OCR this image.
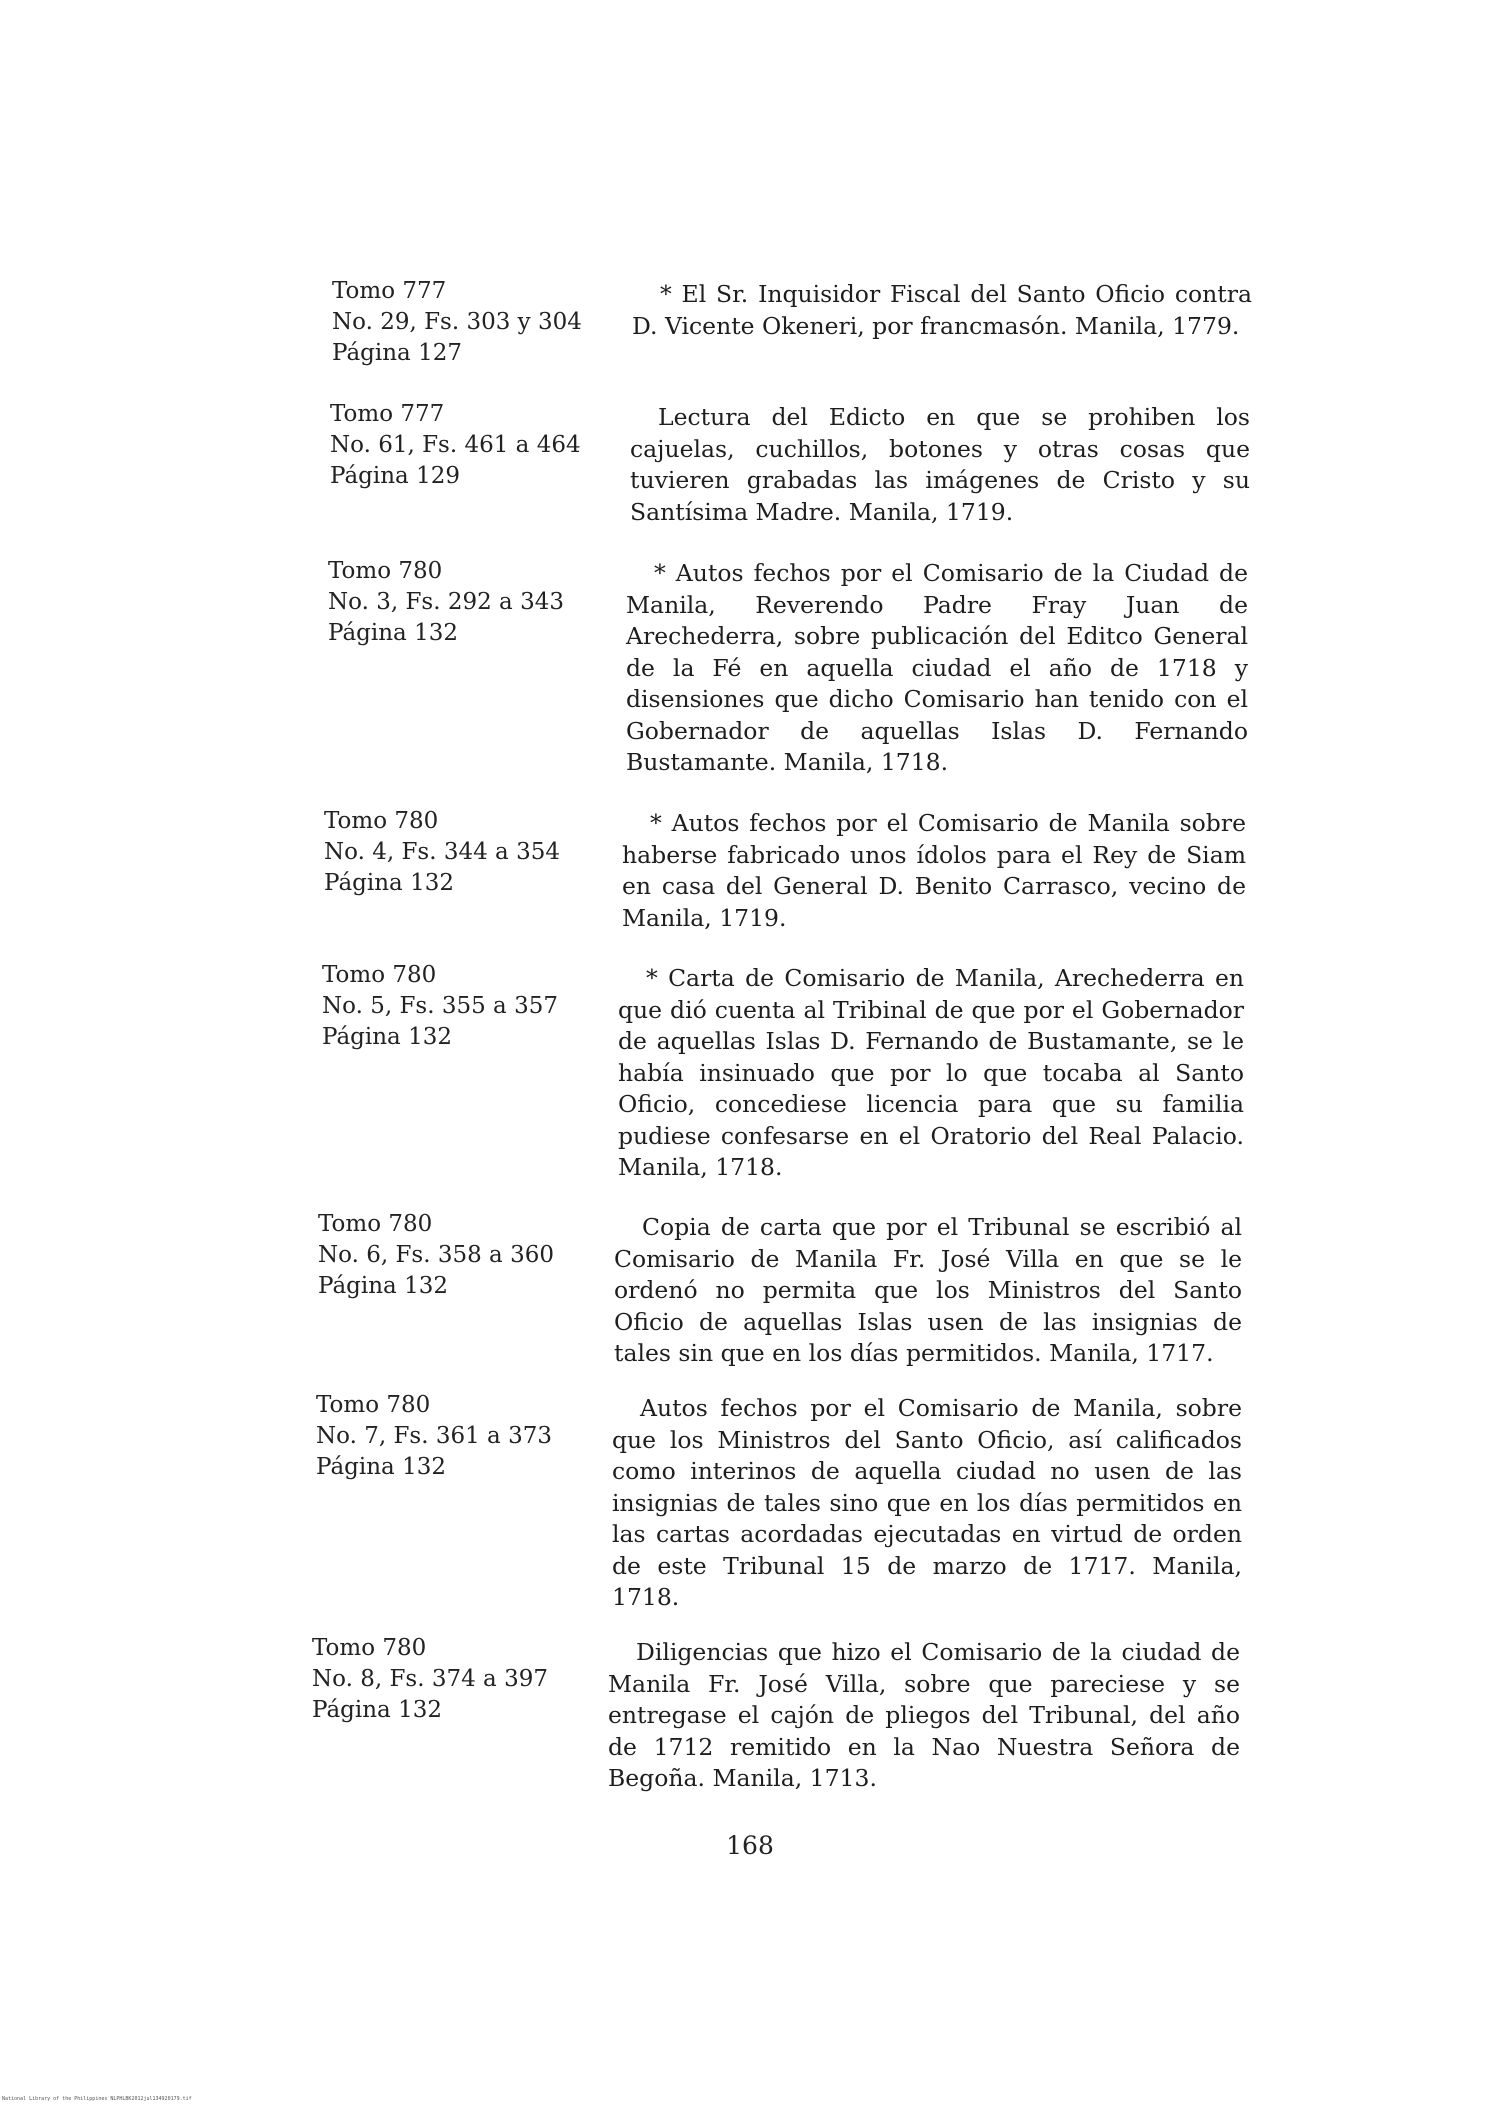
Tomo 777
No. 29, Fs. 303 y 304
Página 127
* El Sr. Inquisidor Fiscal del Santo Oficio contra D. Vicente Okeneri, por francmasón. Manila, 1779.
Tomo 777
No. 61, Fs. 461 a 464
Página 129
Lectura del Edicto en que se prohiben los cajuelas, cuchillos, botones y otras cosas que tuvieren grabadas las imágenes de Cristo y su Santísima Madre. Manila, 1719.
Tomo 780
No. 3, Fs. 292 a 343
Página 132
* Autos fechos por el Comisario de la Ciudad de Manila, Reverendo Padre Fray Juan de Arechederra, sobre publicación del Editco General de la Fé en aquella ciudad el año de 1718 y disensiones que dicho Comisario han tenido con el Gobernador de aquellas Islas D. Fernando Bustamante. Manila, 1718.
Tomo 780
No. 4, Fs. 344 a 354
Página 132
* Autos fechos por el Comisario de Manila sobre haberse fabricado unos ídolos para el Rey de Siam en casa del General D. Benito Carrasco, vecino de Manila, 1719.
Tomo 780
No. 5, Fs. 355 a 357
Página 132
* Carta de Comisario de Manila, Arechederra en que dió cuenta al Tribinal de que por el Gobernador de aquellas Islas D. Fernando de Bustamante, se le había insinuado que por lo que tocaba al Santo Oficio, concediese licencia para que su familia pudiese confesarse en el Oratorio del Real Palacio. Manila, 1718.
Tomo 780
No. 6, Fs. 358 a 360
Página 132
Copia de carta que por el Tribunal se escribió al Comisario de Manila Fr. José Villa en que se le ordenó no permita que los Ministros del Santo Oficio de aquellas Islas usen de las insignias de tales sin que en los días permitidos. Manila, 1717.
Tomo 780
No. 7, Fs. 361 a 373
Página 132
Autos fechos por el Comisario de Manila, sobre que los Ministros del Santo Oficio, así calificados como interinos de aquella ciudad no usen de las insignias de tales sino que en los días permitidos en las cartas acordadas ejecutadas en virtud de orden de este Tribunal 15 de marzo de 1717. Manila, 1718.
Tomo 780
No. 8, Fs. 374 a 397
Página 132
Diligencias que hizo el Comisario de la ciudad de Manila Fr. José Villa, sobre que pareciese y se entregase el cajón de pliegos del Tribunal, del año de 1712 remitido en la Nao Nuestra Señora de Begoña. Manila, 1713.
168
National Library of the Philippines NLPHLBK2012jul134920179.tif
